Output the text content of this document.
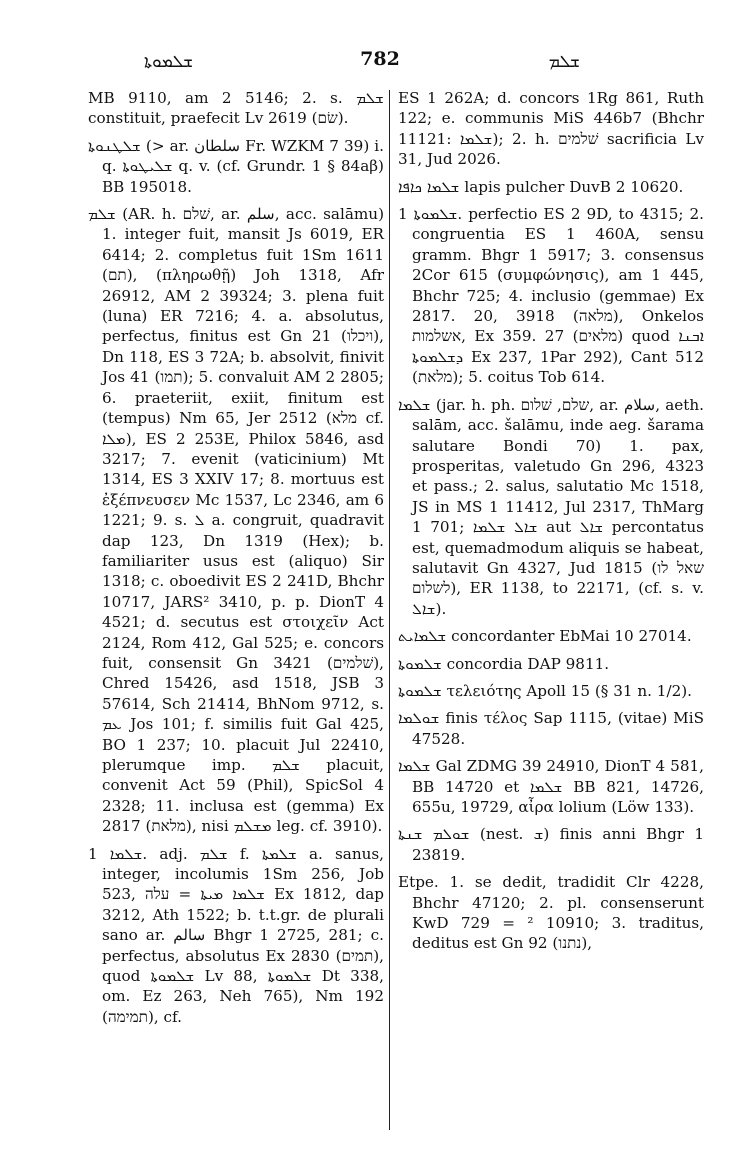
ܫܠܡܘܬܐ	782	ܫܠܡ

MB 9110, am 2 5146; 2. s. ܫܠܡ constituit, praefecit Lv 2619 (שׂם).

ܫܠܛܢܘܬܐ (> ar. سلطان Fr. WZKM 7 39) i. q. ܫܠܝܛܘܬܐ q. v. (cf. Grundr. 1 § 84aβ) BB 195018.

ܫܠܡ (AR. h. שׁלם, ar. سلم, acc. salāmu) 1. integer fuit, mansit Js 6019, ER 6414; 2. completus fuit 1Sm 1611 (תם), (πληρωθῇ) Joh 1318, Afr 26912, AM 2 39324; 3. plena fuit (luna) ER 7216; 4. a. absolutus, perfectus, finitus est Gn 21 (ויכלו), Dn 118, ES 3 72A; b. absolvit, finivit Jos 41 (תמו); 5. convaluit AM 2 2805; 6. praeteriit, exiit, finitum est (tempus) Nm 65, Jer 2512 (מלא cf. ܡܠܐ), ES 2 253E, Philox 5846, asd 3217; 7. evenit (vaticinium) Mt 1314, ES 3 XXIV 17; 8. mortuus est ἐξέπνευσεν Mc 1537, Lc 2346, am 6 1221; 9. s. ܠ a. congruit, quadravit dap 123, Dn 1319 (Hex); b. familiariter usus est (aliquo) Sir 1318; c. oboedivit ES 2 241D, Bhchr 10717, JARS² 3410, p. p. DionT 4 4521; d. secutus est στοιχεῖν Act 2124, Rom 412, Gal 525; e. concors fuit, consensit Gn 3421 (שׁלמים), Chred 15426, asd 1518, JSB 3 57614, Sch 21414, BhNom 9712, s. ܥܡ Jos 101; f. similis fuit Gal 425, BO 1 237; 10. placuit Jul 22410, plerumque imp. ܫܠܡ placuit, convenit Act 59 (Phil), SpicSol 4 2328; 11. inclusa est (gemma) Ex 2817 (מלאת), nisi ܡܫܠܡ leg. cf. 3910).

ܫܠܡܐ 1. adj. ܫܠܡ f. ܫܠܡܬܐ a. sanus, integer, incolumis 1Sm 256, Job 523, ܫܠܡܐ ܡܝܬܐ = עלה Ex 1812, dap 3212, Ath 1522; b. t.t.gr. de plurali sano ar. سالم Bhgr 1 2725, 281; c. perfectus, absolutus Ex 2830 (תמים), quod ܫܠܡܘܬܐ Lv 88, ܫܠܡܘܬܐ Dt 338, om. Ez 263, Neh 765), Nm 192 (תמימה), cf.

ES 1 262A; d. concors 1Rg 861, Ruth 122; e. communis MiS 446b7 (Bhchr 11121: ܫܠܡܐ); 2. h. שׁלמים sacrificia Lv 31, Jud 2026.

ܫܠܡܐ ܟܐܦܐ lapis pulcher DuvB 2 10620.

ܫܠܡܘܬܐ 1. perfectio ES 2 9D, to 4315; 2. congruentia ES 1 460A, sensu gramm. Bhgr 1 5917; 3. consensus 2Cor 615 (συμφώνησις), am 1 445, Bhchr 725; 4. inclusio (gemmae) Ex 2817. 20, 3918 (מלאה), Onkelos אשלמות, Ex 359. 27 (מלאים) quod ܐܒܢܐ ܕܫܠܡܘܬܐ Ex 237, 1Par 292), Cant 512 (מלאת); 5. coitus Tob 614.

ܫܠܡܐ (jar. h. ph. שלם, שׁלום, ar. سلام, aeth. salām, acc. šalāmu, inde aeg. šarama salutare Bondi 70) 1. pax, prosperitas, valetudo Gn 296, 4323 et pass.; 2. salus, salutatio Mc 1518, JS in MS 1 11412, Jul 2317, ThMarg 1 701; ܫܐܠ ܫܠܡܐ aut ܫܐܠ percontatus est, quemadmodum aliquis se habeat, salutavit Gn 4327, Jud 1815 (שאל לו לשלום), ER 1138, to 22171, (cf. s. v. ܫܐܠ).

ܫܠܡܐܝܬ concordanter EbMai 10 27014.

ܫܠܡܘܬܐ concordia DAP 9811.

ܫܠܡܘܬܐ τελειότης Apoll 15 (§ 31 n. 1/2).

ܫܘܠܡܐ finis τέλος Sap 1115, (vitae) MiS 47528.

ܫܠܡܐ Gal ZDMG 39 24910, DionT 4 581, BB 14720 et ܫܠܡܐ BB 821, 14726, 655u, 19729, αἶρα lolium (Löw 133).

ܫܘܠܡ ܫܢܬܐ (nest. ܫ) finis anni Bhgr 1 23819.

Etpe. 1. se dedit, tradidit Clr 4228, Bhchr 47120; 2. pl. consenserunt KwD 729 = ² 10910; 3. traditus, deditus est Gn 92 (נתנו),
